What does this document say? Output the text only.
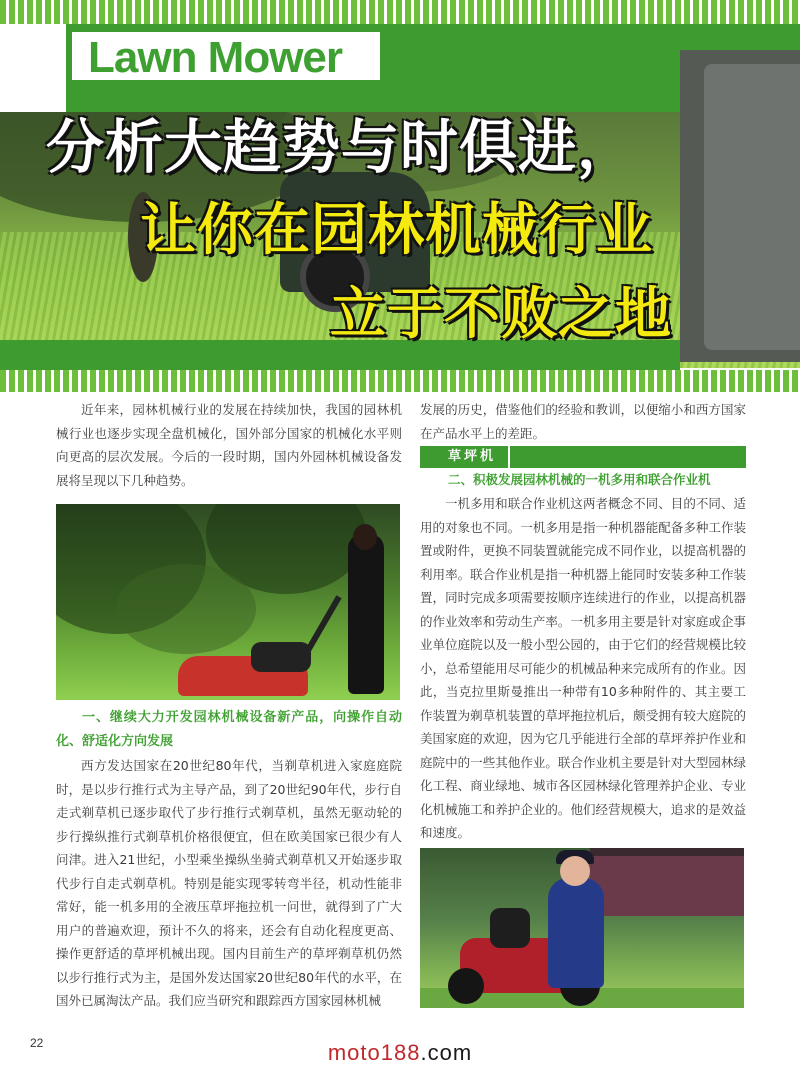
Lawn Mower
分析大趋势与时俱进，
让你在园林机械行业
立于不败之地

近年来，园林机械行业的发展在持续加快，我国的园林机械行业也逐步实现全盘机械化，国外部分国家的机械化水平则向更高的层次发展。今后的一段时期，国内外园林机械设备发展将呈现以下几种趋势。

一、继续大力开发园林机械设备新产品，向操作自动化、舒适化方向发展

西方发达国家在20世纪80年代，当剃草机进入家庭庭院时，是以步行推行式为主导产品，到了20世纪90年代，步行自走式剃草机已逐步取代了步行推行式剃草机，虽然无驱动轮的步行操纵推行式剃草机价格很便宜，但在欧美国家已很少有人问津。进入21世纪，小型乘坐操纵坐骑式剃草机又开始逐步取代步行自走式剃草机。特别是能实现零转弯半径，机动性能非常好，能一机多用的全液压草坪拖拉机一问世，就得到了广大用户的普遍欢迎，预计不久的将来，还会有自动化程度更高、操作更舒适的草坪机械出现。国内目前生产的草坪剃草机仍然以步行推行式为主，是国外发达国家20世纪80年代的水平，在国外已属淘汰产品。我们应当研究和跟踪西方国家园林机械

发展的历史，借鉴他们的经验和教训，以便缩小和西方国家在产品水平上的差距。

草坪机
二、积极发展园林机械的一机多用和联合作业机

一机多用和联合作业机这两者概念不同、目的不同、适用的对象也不同。一机多用是指一种机器能配备多种工作装置或附件，更换不同装置就能完成不同作业，以提高机器的利用率。联合作业机是指一种机器上能同时安装多种工作装置，同时完成多项需要按顺序连续进行的作业，以提高机器的作业效率和劳动生产率。一机多用主要是针对家庭或企事业单位庭院以及一般小型公园的，由于它们的经营规模比较小，总希望能用尽可能少的机械品种来完成所有的作业。因此，当克拉里斯曼推出一种带有10多种附件的、其主要工作装置为剃草机装置的草坪拖拉机后，颇受拥有较大庭院的美国家庭的欢迎，因为它几乎能进行全部的草坪养护作业和庭院中的一些其他作业。联合作业机主要是针对大型园林绿化工程、商业绿地、城市各区园林绿化管理养护企业、专业化机械施工和养护企业的。他们经营规模大，追求的是效益和速度。

22	moto188.com
